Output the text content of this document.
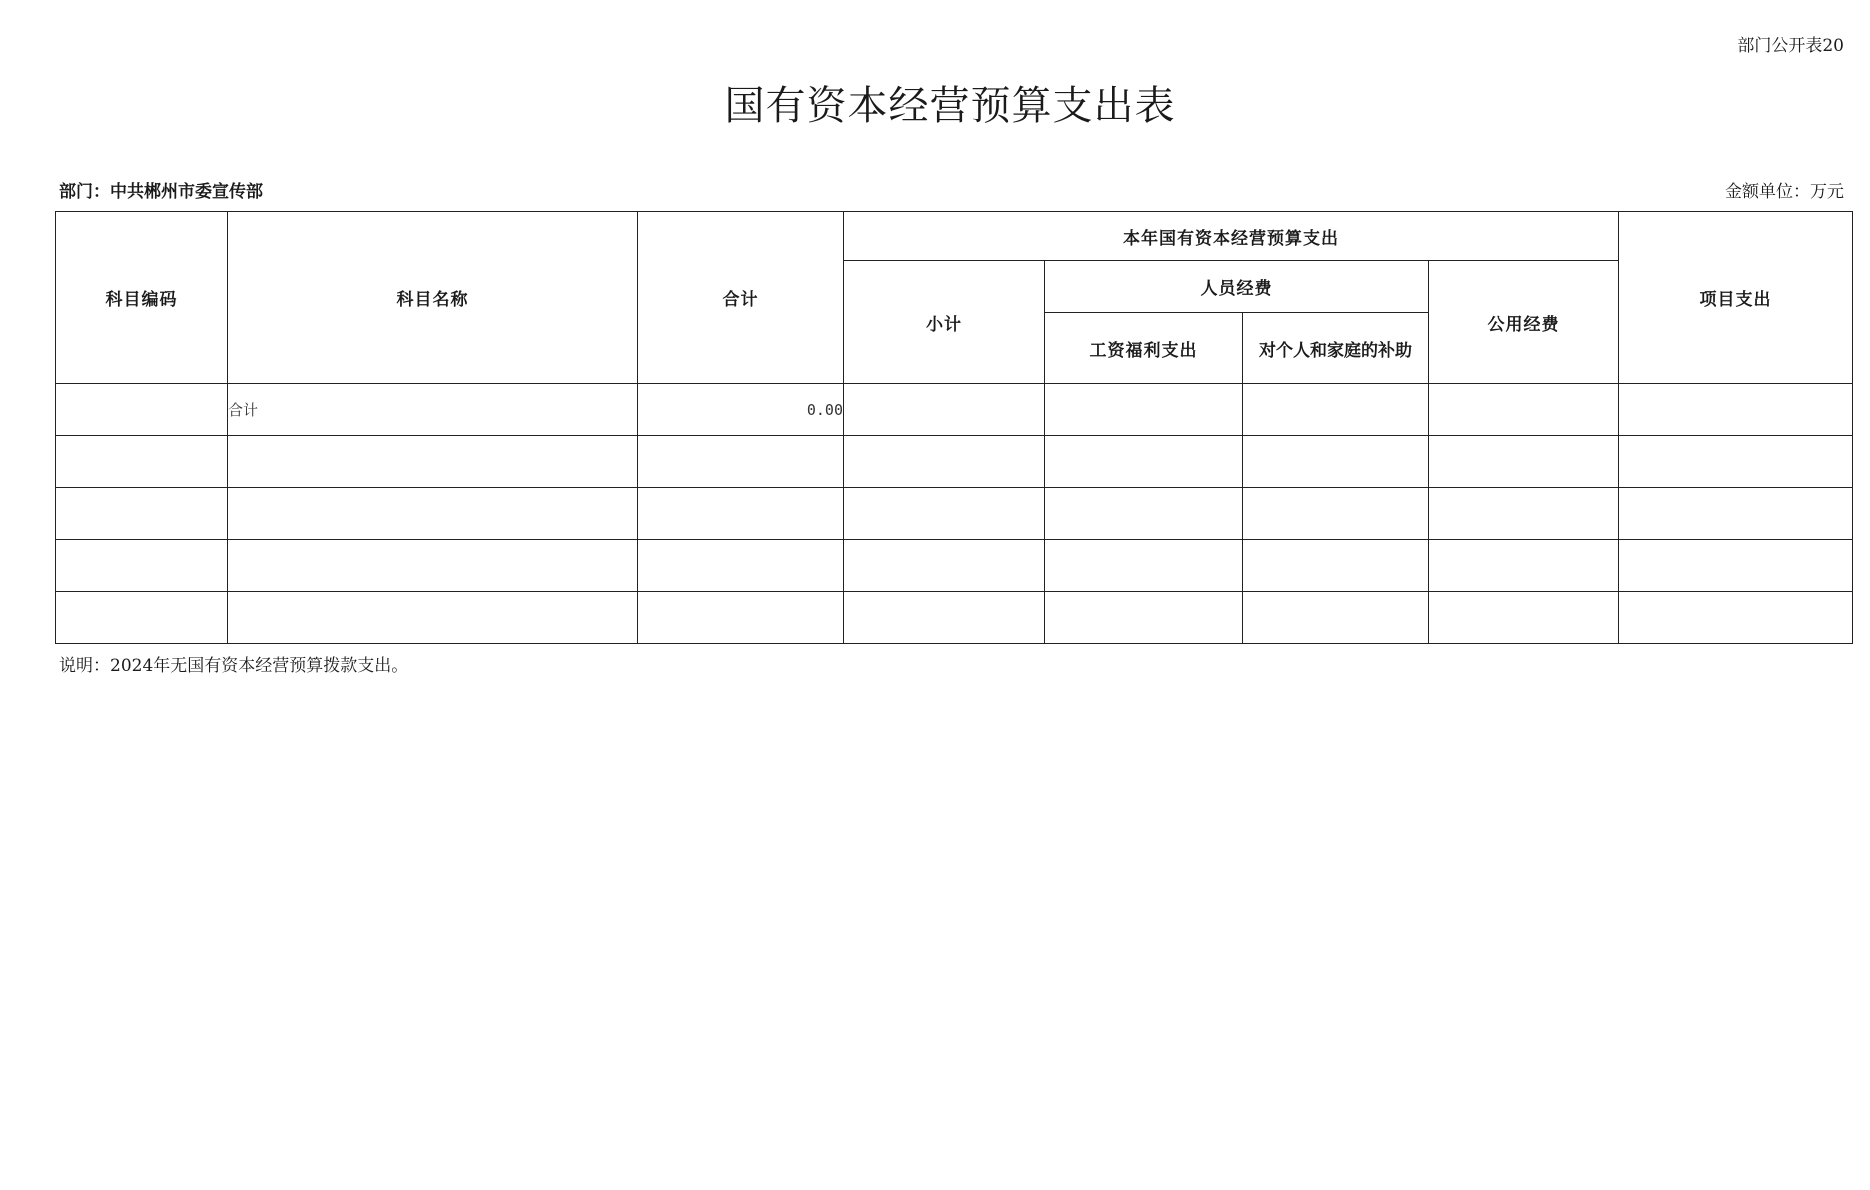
部门公开表20
国有资本经营预算支出表
部门：中共郴州市委宣传部	金额单位：万元
科目编码	科目名称	合计	本年国有资本经营预算支出				项目支出
			小计	人员经费		公用经费	
				工资福利支出	对个人和家庭的补助		
	合计	0.00					

说明：2024年无国有资本经营预算拨款支出。
